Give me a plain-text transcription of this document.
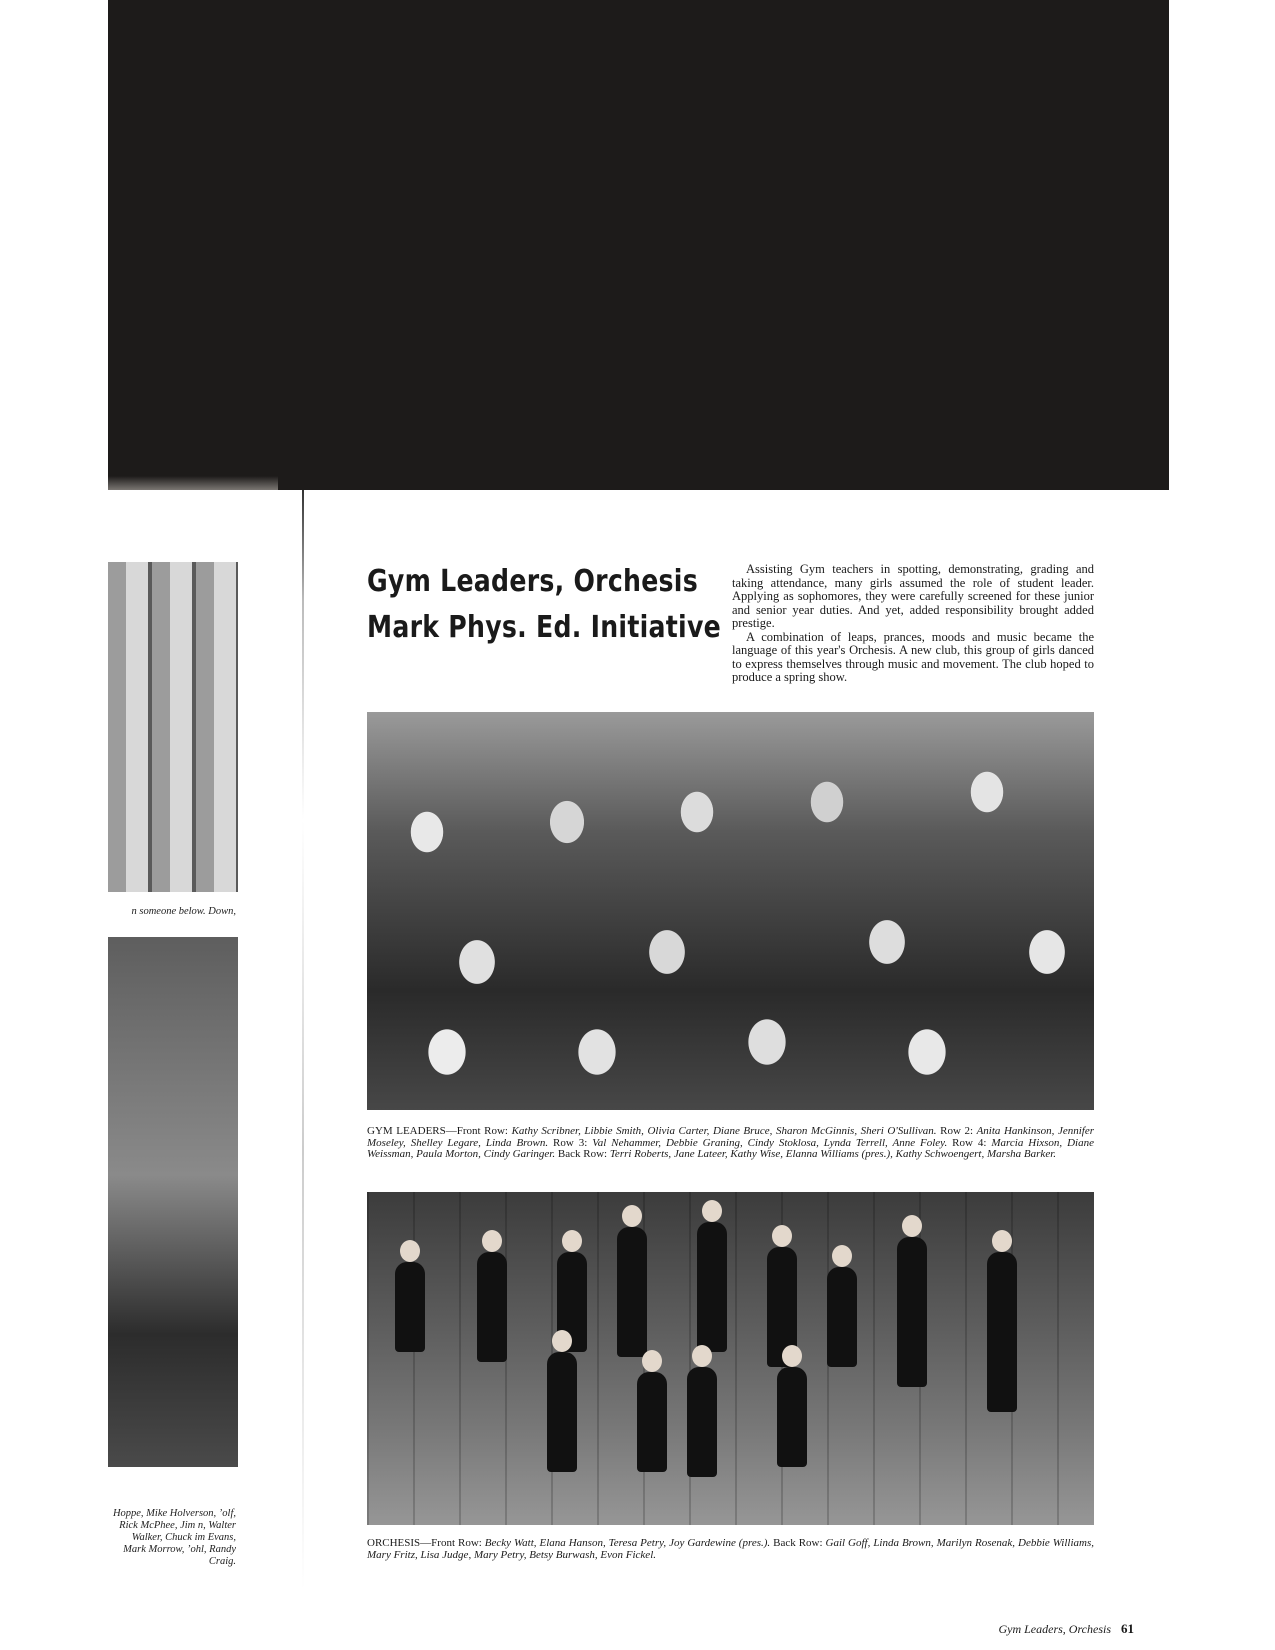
n someone below. Down,
Hoppe, Mike Holverson, ʼolf, Rick McPhee, Jim n, Walter Walker, Chuck im Evans, Mark Morrow, ʼohl, Randy Craig.
Gym Leaders, Orchesis
Mark Phys. Ed. Initiative

Assisting Gym teachers in spotting, demonstrating, grading and taking attendance, many girls assumed the role of student leader. Applying as sophomores, they were carefully screened for these junior and senior year duties. And yet, added responsibility brought added prestige.

A combination of leaps, prances, moods and music became the language of this year's Orchesis. A new club, this group of girls danced to express themselves through music and movement. The club hoped to produce a spring show.

GYM LEADERS—Front Row: Kathy Scribner, Libbie Smith, Olivia Carter, Diane Bruce, Sharon McGinnis, Sheri O'Sullivan. Row 2: Anita Hankinson, Jennifer Moseley, Shelley Legare, Linda Brown. Row 3: Val Nehammer, Debbie Graning, Cindy Stoklosa, Lynda Terrell, Anne Foley. Row 4: Marcia Hixson, Diane Weissman, Paula Morton, Cindy Garinger. Back Row: Terri Roberts, Jane Lateer, Kathy Wise, Elanna Williams (pres.), Kathy Schwoengert, Marsha Barker.
ORCHESIS—Front Row: Becky Watt, Elana Hanson, Teresa Petry, Joy Gardewine (pres.). Back Row: Gail Goff, Linda Brown, Marilyn Rosenak, Debbie Williams, Mary Fritz, Lisa Judge, Mary Petry, Betsy Burwash, Evon Fickel.
Gym Leaders, Orchesis 61
